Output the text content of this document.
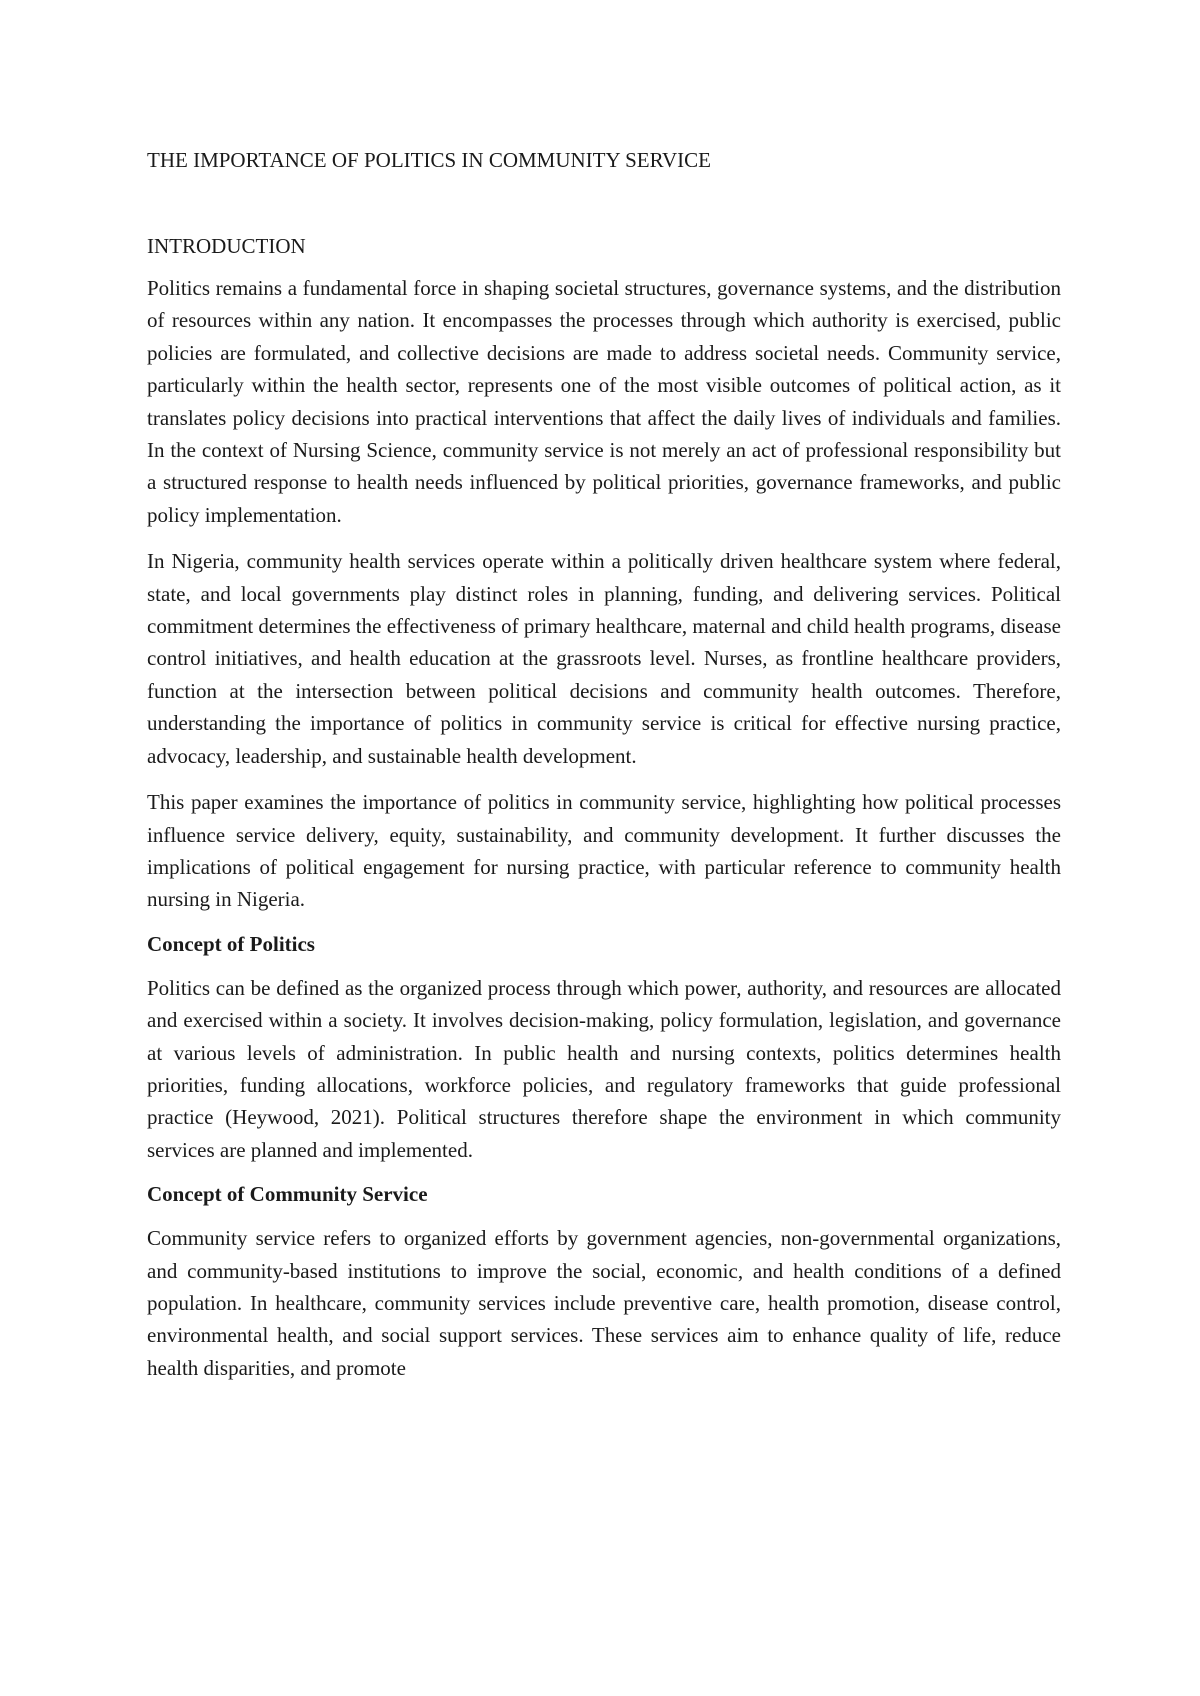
THE IMPORTANCE OF POLITICS IN COMMUNITY SERVICE
INTRODUCTION

Politics remains a fundamental force in shaping societal structures, governance systems, and the distribution of resources within any nation. It encompasses the processes through which authority is exercised, public policies are formulated, and collective decisions are made to address societal needs. Community service, particularly within the health sector, represents one of the most visible outcomes of political action, as it translates policy decisions into practical interventions that affect the daily lives of individuals and families. In the context of Nursing Science, community service is not merely an act of professional responsibility but a structured response to health needs influenced by political priorities, governance frameworks, and public policy implementation.

In Nigeria, community health services operate within a politically driven healthcare system where federal, state, and local governments play distinct roles in planning, funding, and delivering services. Political commitment determines the effectiveness of primary healthcare, maternal and child health programs, disease control initiatives, and health education at the grassroots level. Nurses, as frontline healthcare providers, function at the intersection between political decisions and community health outcomes. Therefore, understanding the importance of politics in community service is critical for effective nursing practice, advocacy, leadership, and sustainable health development.

This paper examines the importance of politics in community service, highlighting how political processes influence service delivery, equity, sustainability, and community development. It further discusses the implications of political engagement for nursing practice, with particular reference to community health nursing in Nigeria.

Concept of Politics

Politics can be defined as the organized process through which power, authority, and resources are allocated and exercised within a society. It involves decision-making, policy formulation, legislation, and governance at various levels of administration. In public health and nursing contexts, politics determines health priorities, funding allocations, workforce policies, and regulatory frameworks that guide professional practice (Heywood, 2021). Political structures therefore shape the environment in which community services are planned and implemented.

Concept of Community Service

Community service refers to organized efforts by government agencies, non-governmental organizations, and community-based institutions to improve the social, economic, and health conditions of a defined population. In healthcare, community services include preventive care, health promotion, disease control, environmental health, and social support services. These services aim to enhance quality of life, reduce health disparities, and promote
